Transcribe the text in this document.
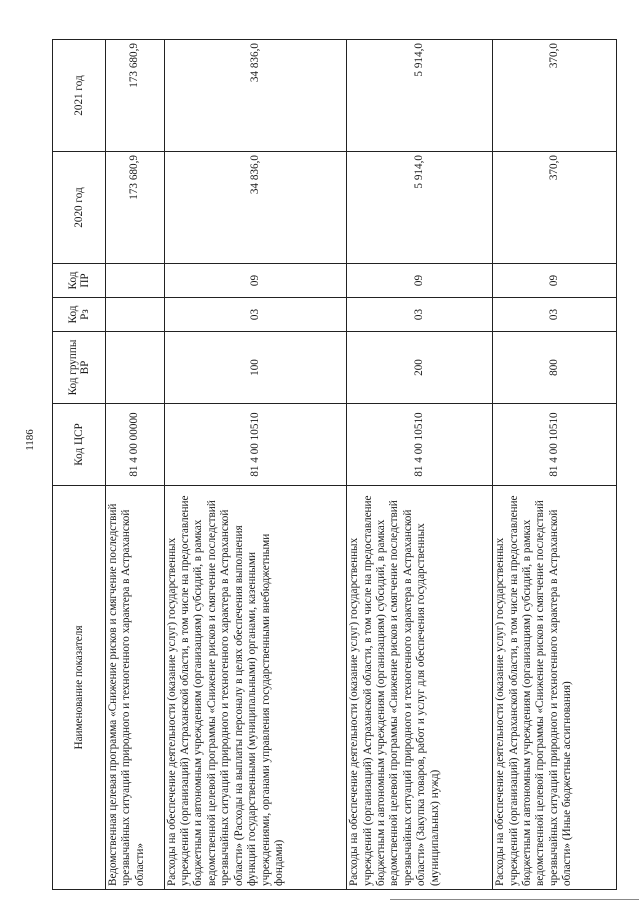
1186
Наименование показателя	Код ЦСР	Код группы ВР	Код Рз	Код ПР	2020 год	2021 год
Ведомственная целевая программа «Снижение рисков и смягчение последствий чрезвычайных ситуаций природного и техногенного характера в Астраханской области»	81 4 00 00000				173 680,9	173 680,9
Расходы на обеспечение деятельности (оказание услуг) государственных учреждений (организаций) Астраханской области, в том числе на предоставление бюджетным и автономным учреждениям (организациям) субсидий, в рамках ведомственной целевой программы «Снижение рисков и смягчение последствий чрезвычайных ситуаций природного и техногенного характера в Астраханской области» (Расходы на выплаты персоналу в целях обеспечения выполнения функций государственными (муниципальными) органами, казенными учреждениями, органами управления государственными внебюджетными фондами)	81 4 00 10510	100	03	09	34 836,0	34 836,0
Расходы на обеспечение деятельности (оказание услуг) государственных учреждений (организаций) Астраханской области, в том числе на предоставление бюджетным и автономным учреждениям (организациям) субсидий, в рамках ведомственной целевой программы «Снижение рисков и смягчение последствий чрезвычайных ситуаций природного и техногенного характера в Астраханской области» (Закупка товаров, работ и услуг для обеспечения государственных (муниципальных) нужд)	81 4 00 10510	200	03	09	5 914,0	5 914,0
Расходы на обеспечение деятельности (оказание услуг) государственных учреждений (организаций) Астраханской области, в том числе на предоставление бюджетным и автономным учреждениям (организациям) субсидий, в рамках ведомственной целевой программы «Снижение рисков и смягчение последствий чрезвычайных ситуаций природного и техногенного характера в Астраханской области» (Иные бюджетные ассигнования)	81 4 00 10510	800	03	09	370,0	370,0
